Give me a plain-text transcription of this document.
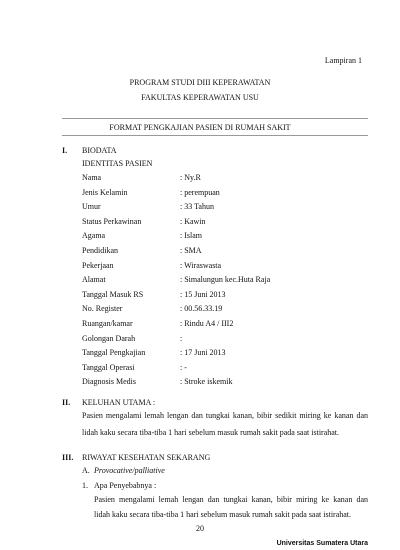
Lampiran 1
PROGRAM STUDI DIII KEPERAWATAN
FAKULTAS KEPERAWATAN USU
FORMAT PENGKAJIAN PASIEN DI RUMAH SAKIT
I. BIODATA
IDENTITAS PASIEN
Nama	: Ny.R
Jenis Kelamin	: perempuan
Umur	: 33 Tahun
Status Perkawinan	: Kawin
Agama	: Islam
Pendidikan	: SMA
Pekerjaan	: Wiraswasta
Alamat	: Simalungun kec.Huta Raja
Tanggal Masuk RS	: 15 Juni 2013
No. Register	: 00.56.33.19
Ruangan/kamar	: Rindu A4 / III2
Golongan Darah	:
Tanggal Pengkajian	: 17 Juni 2013
Tanggal Operasi	: -
Diagnosis Medis	: Stroke iskemik
II. KELUHAN UTAMA :
Pasien mengalami lemah lengan dan tungkai kanan, bibir sedikit miring ke kanan dan
lidah kaku secara tiba-tiba 1 hari sebelum masuk rumah sakit pada saat istirahat.
III. RIWAYAT KESEHATAN SEKARANG
A. Provocative/palliative
1. Apa Penyebabnya :
Pasien mengalami lemah lengan dan tungkai kanan, bibir miring ke kanan dan
lidah kaku secara tiba-tiba 1 hari sebelum masuk rumah sakit pada saat istirahat.
20
Universitas Sumatera Utara
